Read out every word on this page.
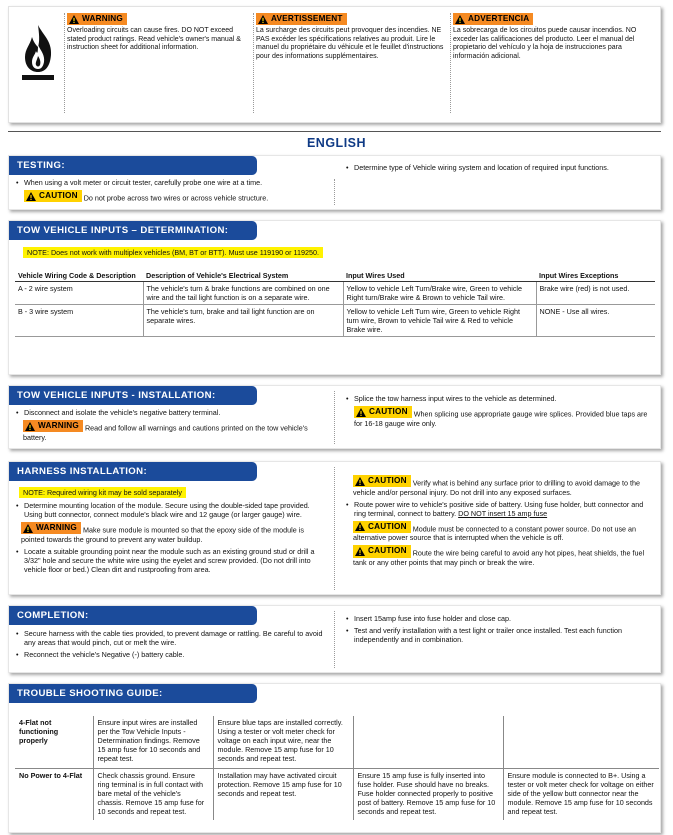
WARNING
Overloading circuits can cause fires. DO NOT exceed stated product ratings. Read vehicle's owner's manual & instruction sheet for additional information.
AVERTISSEMENT
La surcharge des circuits peut provoquer des incendies. NE PAS excéder les spécifications relatives au produit. Lire le manuel du propriétaire du véhicule et le feuillet d'instructions pour des informations supplémentaires.
ADVERTENCIA
La sobrecarga de los circuitos puede causar incendios. NO exceder las calificaciones del producto. Leer el manual del propietario del vehículo y la hoja de instrucciones para información adicional.
ENGLISH
TESTING:
• When using a volt meter or circuit tester, carefully probe one wire at a time.
CAUTION Do not probe across two wires or across vehicle structure.
• Determine type of Vehicle wiring system and location of required input functions.
TOW VEHICLE INPUTS – DETERMINATION:
NOTE: Does not work with multiplex vehicles (BM, BT or BTT). Must use 119190 or 119250.
Vehicle Wiring Code & Description	Description of Vehicle's Electrical System	Input Wires Used	Input Wires Exceptions
A - 2 wire system	The vehicle's turn & brake functions are combined on one wire and the tail light function is on a separate wire.	Yellow to vehicle Left Turn/Brake wire, Green to vehicle Right turn/Brake wire & Brown to vehicle Tail wire.	Brake wire (red) is not used.
B - 3 wire system	The vehicle's turn, brake and tail light function are on separate wires.	Yellow to vehicle Left Turn wire, Green to vehicle Right turn wire, Brown to vehicle Tail wire & Red to vehicle Brake wire.	NONE - Use all wires.
TOW VEHICLE INPUTS - INSTALLATION:
• Disconnect and isolate the vehicle's negative battery terminal.
WARNING Read and follow all warnings and cautions printed on the tow vehicle's battery.
• Splice the tow harness input wires to the vehicle as determined.
CAUTION When splicing use appropriate gauge wire splices. Provided blue taps are for 16-18 gauge wire only.
HARNESS INSTALLATION:
NOTE: Required wiring kit may be sold separately
• Determine mounting location of the module. Secure using the double-sided tape provided. Using butt connector, connect module's black wire and 12 gauge (or larger gauge) wire.
WARNING Make sure module is mounted so that the epoxy side of the module is pointed towards the ground to prevent any water buildup.
• Locate a suitable grounding point near the module such as an existing ground stud or drill a 3/32" hole and secure the white wire using the eyelet and screw provided. (Do not drill into vehicle floor or bed.) Clean dirt and rustproofing from area.
CAUTION Verify what is behind any surface prior to drilling to avoid damage to the vehicle and/or personal injury. Do not drill into any exposed surfaces.
• Route power wire to vehicle's positive side of battery. Using fuse holder, butt connector and ring terminal, connect to battery. DO NOT insert 15 amp fuse
CAUTION Module must be connected to a constant power source. Do not use an alternative power source that is interrupted when the vehicle is off.
CAUTION Route the wire being careful to avoid any hot pipes, heat shields, the fuel tank or any other points that may pinch or break the wire.
COMPLETION:
• Secure harness with the cable ties provided, to prevent damage or rattling. Be careful to avoid any areas that would pinch, cut or melt the wire.
• Reconnect the vehicle's Negative (-) battery cable.
• Insert 15amp fuse into fuse holder and close cap.
• Test and verify installation with a test light or trailer once installed. Test each function independently and in combination.
TROUBLE SHOOTING GUIDE:
4-Flat not functioning properly	Ensure input wires are installed per the Tow Vehicle Inputs - Determination findings. Remove 15 amp fuse for 10 seconds and repeat test.	Ensure blue taps are installed correctly. Using a tester or volt meter check for voltage on each input wire, near the module. Remove 15 amp fuse for 10 seconds and repeat test.		
No Power to 4-Flat	Check chassis ground. Ensure ring terminal is in full contact with bare metal of the vehicle's chassis. Remove 15 amp fuse for 10 seconds and repeat test.	Installation may have activated circuit protection. Remove 15 amp fuse for 10 seconds and repeat test.	Ensure 15 amp fuse is fully inserted into fuse holder. Fuse should have no breaks. Fuse holder connected properly to positive post of battery. Remove 15 amp fuse for 10 seconds and repeat test.	Ensure module is connected to B+. Using a tester or volt meter check for voltage on either side of the yellow butt connector near the module. Remove 15 amp fuse for 10 seconds and repeat test.
